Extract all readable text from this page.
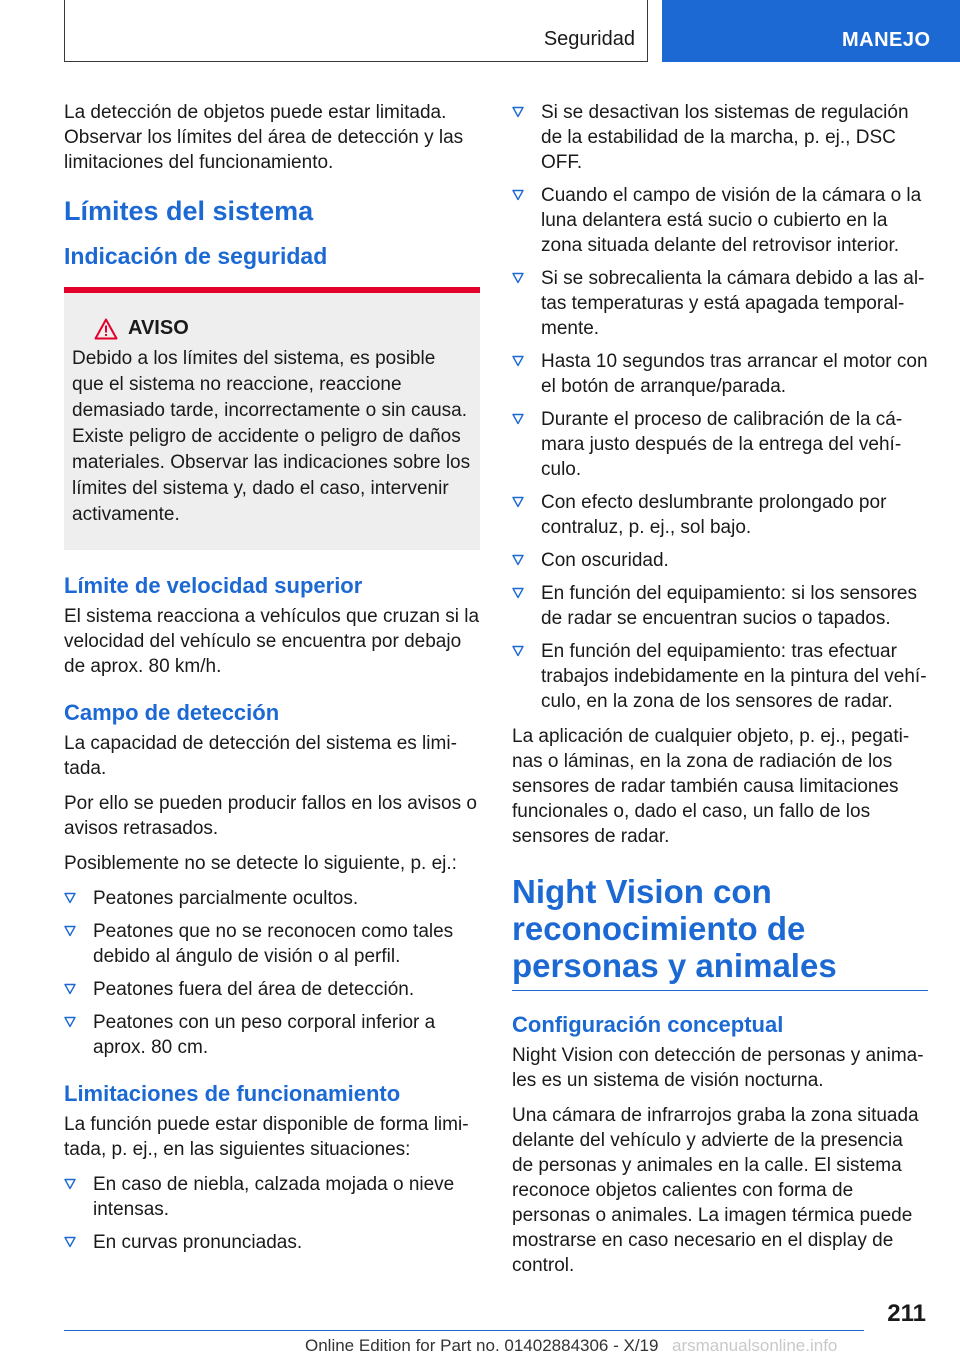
Seguridad	MANEJO

La detección de objetos puede estar limitada. Observar los límites del área de detección y las limitaciones del funcionamiento.

Límites del sistema
Indicación de seguridad
AVISO

Debido a los límites del sistema, es posible que el sistema no reaccione, reaccione demasiado tarde, incorrectamente o sin causa. Existe peligro de accidente o peligro de daños materiales. Observar las indicaciones sobre los límites del sistema y, dado el caso, intervenir activamente.

Límite de velocidad superior

El sistema reacciona a vehículos que cruzan si la velocidad del vehículo se encuentra por debajo de aprox. 80 km/h.

Campo de detección

La capacidad de detección del sistema es limitada.

Por ello se pueden producir fallos en los avisos o avisos retrasados.

Posiblemente no se detecte lo siguiente, p. ej.:

Peatones parcialmente ocultos.
Peatones que no se reconocen como tales debido al ángulo de visión o al perfil.
Peatones fuera del área de detección.
Peatones con un peso corporal inferior a aprox. 80 cm.
Limitaciones de funcionamiento

La función puede estar disponible de forma limitada, p. ej., en las siguientes situaciones:

En caso de niebla, calzada mojada o nieve intensas.
En curvas pronunciadas.
Si se desactivan los sistemas de regulación de la estabilidad de la marcha, p. ej., DSC OFF.
Cuando el campo de visión de la cámara o la luna delantera está sucio o cubierto en la zona situada delante del retrovisor interior.
Si se sobrecalienta la cámara debido a las altas temperaturas y está apagada temporalmente.
Hasta 10 segundos tras arrancar el motor con el botón de arranque/parada.
Durante el proceso de calibración de la cámara justo después de la entrega del vehículo.
Con efecto deslumbrante prolongado por contraluz, p. ej., sol bajo.
Con oscuridad.
En función del equipamiento: si los sensores de radar se encuentran sucios o tapados.
En función del equipamiento: tras efectuar trabajos indebidamente en la pintura del vehículo, en la zona de los sensores de radar.

La aplicación de cualquier objeto, p. ej., pegatinas o láminas, en la zona de radiación de los sensores de radar también causa limitaciones funcionales o, dado el caso, un fallo de los sensores de radar.

Night Vision con reconocimiento de personas y animales
Configuración conceptual

Night Vision con detección de personas y animales es un sistema de visión nocturna.

Una cámara de infrarrojos graba la zona situada delante del vehículo y advierte de la presencia de personas y animales en la calle. El sistema reconoce objetos calientes con forma de personas o animales. La imagen térmica puede mostrarse en caso necesario en el display de control.

211
Online Edition for Part no. 01402884306 - X/19 arsmanualsonline.info
